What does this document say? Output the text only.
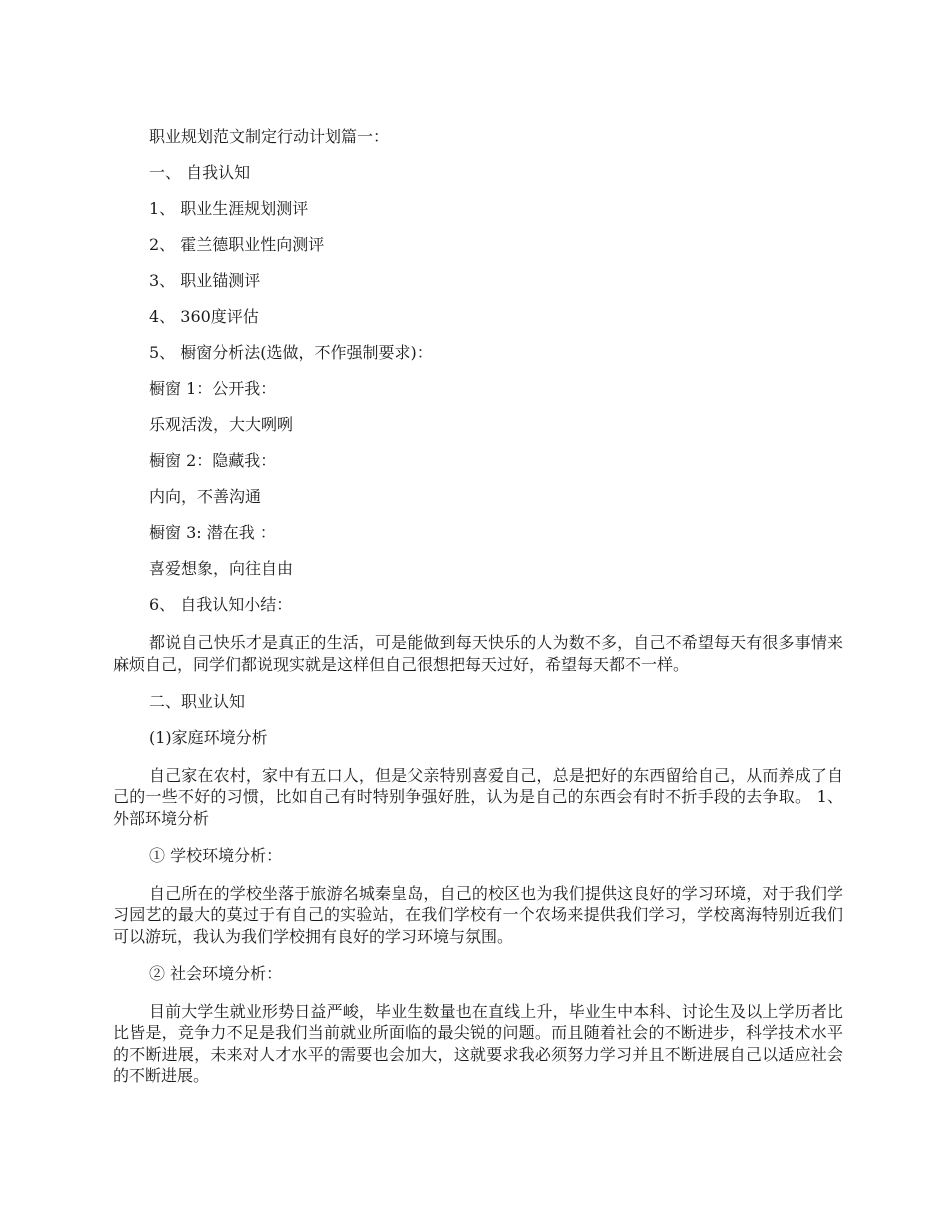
职业规划范文制定行动计划篇一：
一、 自我认知
1、 职业生涯规划测评
2、 霍兰德职业性向测评
3、 职业锚测评
4、 360度评估
5、 橱窗分析法(选做，不作强制要求)：
橱窗 1：公开我：
乐观活泼，大大咧咧
橱窗 2：隐藏我：
内向，不善沟通
橱窗 3: 潜在我 ：
喜爱想象，向往自由
6、 自我认知小结：

都说自己快乐才是真正的生活，可是能做到每天快乐的人为数不多，自己不希望每天有很多事情来麻烦自己，同学们都说现实就是这样但自己很想把每天过好，希望每天都不一样。

二、职业认知
(1)家庭环境分析

自己家在农村，家中有五口人，但是父亲特别喜爱自己，总是把好的东西留给自己，从而养成了自己的一些不好的习惯，比如自己有时特别争强好胜，认为是自己的东西会有时不折手段的去争取。 1、外部环境分析

① 学校环境分析：

自己所在的学校坐落于旅游名城秦皇岛，自己的校区也为我们提供这良好的学习环境，对于我们学习园艺的最大的莫过于有自己的实验站，在我们学校有一个农场来提供我们学习，学校离海特别近我们可以游玩，我认为我们学校拥有良好的学习环境与氛围。

② 社会环境分析：

目前大学生就业形势日益严峻，毕业生数量也在直线上升，毕业生中本科、讨论生及以上学历者比比皆是，竞争力不足是我们当前就业所面临的最尖锐的问题。而且随着社会的不断进步，科学技术水平的不断进展，未来对人才水平的需要也会加大，这就要求我必须努力学习并且不断进展自己以适应社会的不断进展。
